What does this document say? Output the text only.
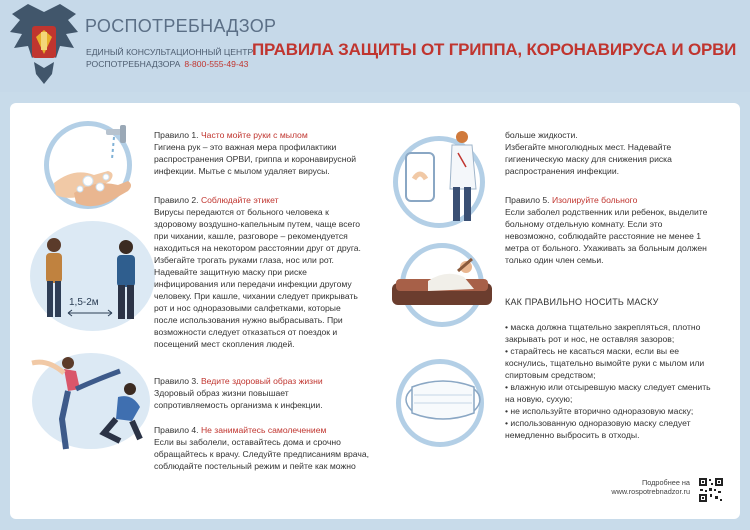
РОСПОТРЕБНАДЗОР
ЕДИНЫЙ КОНСУЛЬТАЦИОННЫЙ ЦЕНТР
РОСПОТРЕБНАДЗОРА 8-800-555-49-43
ПРАВИЛА ЗАЩИТЫ ОТ ГРИППА, КОРОНАВИРУСА И ОРВИ
1,5-2м
Правило 1. Часто мойте руки с мылом
Гигиена рук – это важная мера профилактики
распространения ОРВИ, гриппа и коронавирусной
инфекции. Мытье с мылом удаляет вирусы.
Правило 2. Соблюдайте этикет
Вирусы передаются от больного человека к
здоровому воздушно-капельным путем, чаще всего
при чихании, кашле, разговоре – рекомендуется
находиться на некотором расстоянии друг от друга.
Избегайте трогать руками глаза, нос или рот.
Надевайте защитную маску при риске
инфицирования или передачи инфекции другому
человеку. При кашле, чихании следует прикрывать
рот и нос одноразовыми салфетками, которые
после использования нужно выбрасывать. При
возможности следует отказаться от поездок и
посещений мест скопления людей.
Правило 3. Ведите здоровый образ жизни
Здоровый образ жизни повышает
сопротивляемость организма к инфекции.
Правило 4. Не занимайтесь самолечением
Если вы заболели, оставайтесь дома и срочно
обращайтесь к врачу. Следуйте предписаниям врача,
соблюдайте постельный режим и пейте как можно
больше жидкости.
Избегайте многолюдных мест. Надевайте
гигиеническую маску для снижения риска
распространения инфекции.
Правило 5. Изолируйте больного
Если заболел родственник или ребенок, выделите
больному отдельную комнату. Если это
невозможно, соблюдайте расстояние не менее 1
метра от больного. Ухаживать за больным должен
только один член семьи.
КАК ПРАВИЛЬНО НОСИТЬ МАСКУ
• маска должна тщательно закрепляться, плотно
закрывать рот и нос, не оставляя зазоров;
• старайтесь не касаться маски, если вы ее
коснулись, тщательно вымойте руки с мылом или
спиртовым средством;
• влажную или отсыревшую маску следует сменить
на новую, сухую;
• не используйте вторично одноразовую маску;
• использованную одноразовую маску следует
немедленно выбросить в отходы.
Подробнее на
www.rospotrebnadzor.ru
